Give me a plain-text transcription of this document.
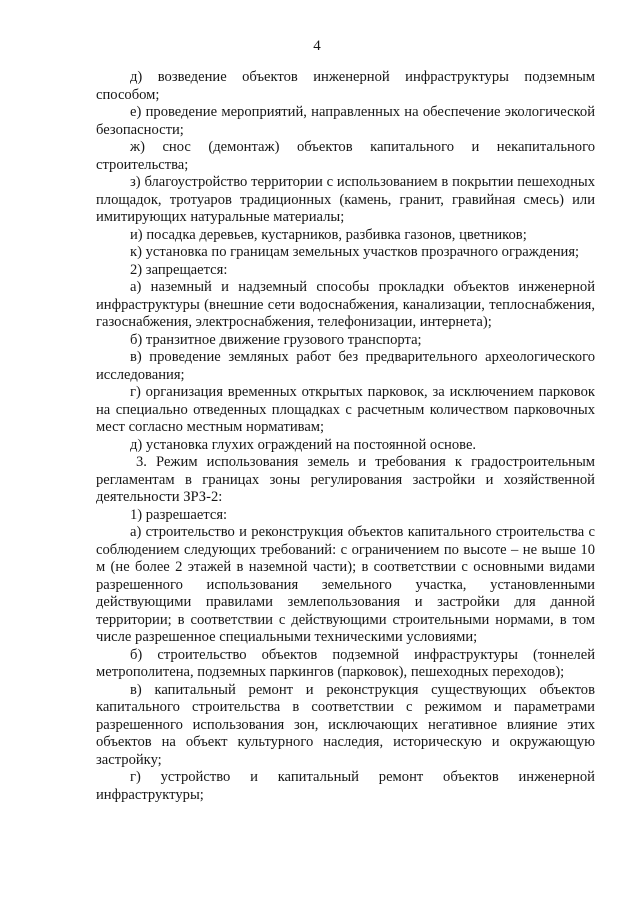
4

д) возведение объектов инженерной инфраструктуры подземным способом;

е) проведение мероприятий, направленных на обеспечение экологической безопасности;

ж) снос (демонтаж) объектов капитального и некапитального строительства;

з) благоустройство территории с использованием в покрытии пешеходных площадок, тротуаров традиционных (камень, гранит, гравийная смесь) или имитирующих натуральные материалы;

и) посадка деревьев, кустарников, разбивка газонов, цветников;

к) установка по границам земельных участков прозрачного ограждения;

2) запрещается:

а) наземный и надземный способы прокладки объектов инженерной инфраструктуры (внешние сети водоснабжения, канализации, теплоснабжения, газоснабжения, электроснабжения, телефонизации, интернета);

б) транзитное движение грузового транспорта;

в) проведение земляных работ без предварительного археологического исследования;

г) организация временных открытых парковок, за исключением парковок на специально отведенных площадках с расчетным количеством парковочных мест согласно местным нормативам;

д) установка глухих ограждений на постоянной основе.

3. Режим использования земель и требования к градостроительным регламентам в границах зоны регулирования застройки и хозяйственной деятельности ЗРЗ-2:

1) разрешается:

а) строительство и реконструкция объектов капитального строительства с соблюдением следующих требований: с ограничением по высоте – не выше 10 м (не более 2 этажей в наземной части); в соответствии с основными видами разрешенного использования земельного участка, установленными действующими правилами землепользования и застройки для данной территории; в соответствии с действующими строительными нормами, в том числе разрешенное специальными техническими условиями;

б) строительство объектов подземной инфраструктуры (тоннелей метрополитена, подземных паркингов (парковок), пешеходных переходов);

в) капитальный ремонт и реконструкция существующих объектов капитального строительства в соответствии с режимом и параметрами разрешенного использования зон, исключающих негативное влияние этих объектов на объект культурного наследия, историческую и окружающую застройку;

г) устройство и капитальный ремонт объектов инженерной инфраструктуры;
